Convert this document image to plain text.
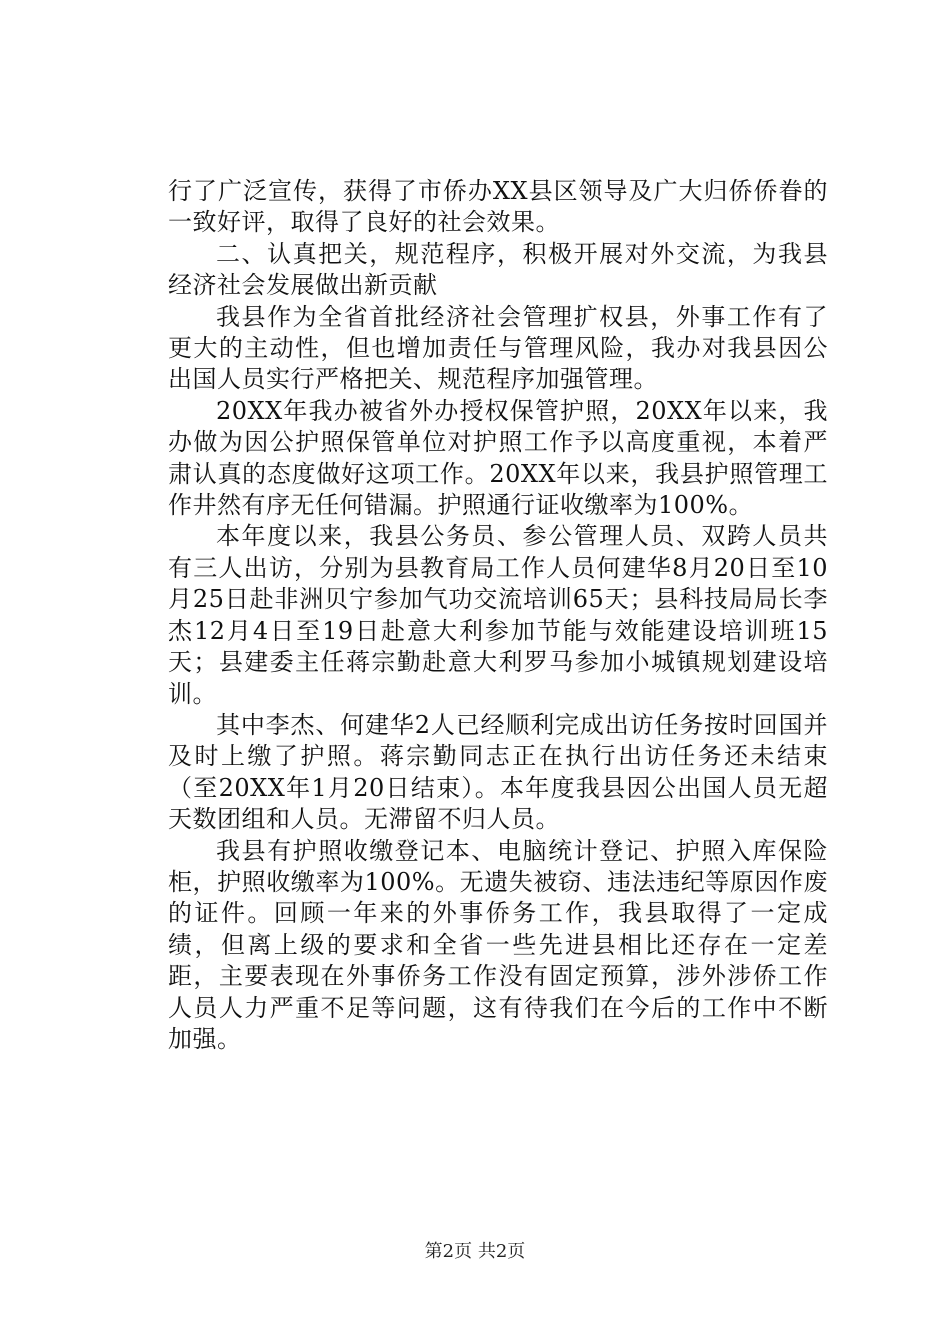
行了广泛宣传，获得了市侨办XX县区领导及广大归侨侨眷的一致好评，取得了良好的社会效果。

二、认真把关，规范程序，积极开展对外交流，为我县经济社会发展做出新贡献

我县作为全省首批经济社会管理扩权县，外事工作有了更大的主动性，但也增加责任与管理风险，我办对我县因公出国人员实行严格把关、规范程序加强管理。

20XX年我办被省外办授权保管护照，20XX年以来，我办做为因公护照保管单位对护照工作予以高度重视，本着严肃认真的态度做好这项工作。20XX年以来，我县护照管理工作井然有序无任何错漏。护照通行证收缴率为100%。

本年度以来，我县公务员、参公管理人员、双跨人员共有三人出访，分别为县教育局工作人员何建华8月20日至10月25日赴非洲贝宁参加气功交流培训65天；县科技局局长李杰12月4日至19日赴意大利参加节能与效能建设培训班15天；县建委主任蒋宗勤赴意大利罗马参加小城镇规划建设培训。

其中李杰、何建华2人已经顺利完成出访任务按时回国并及时上缴了护照。蒋宗勤同志正在执行出访任务还未结束（至20XX年1月20日结束）。本年度我县因公出国人员无超天数团组和人员。无滞留不归人员。

我县有护照收缴登记本、电脑统计登记、护照入库保险柜，护照收缴率为100%。无遗失被窃、违法违纪等原因作废的证件。回顾一年来的外事侨务工作，我县取得了一定成绩，但离上级的要求和全省一些先进县相比还存在一定差距，主要表现在外事侨务工作没有固定预算，涉外涉侨工作人员人力严重不足等问题，这有待我们在今后的工作中不断加强。

第2页 共2页
